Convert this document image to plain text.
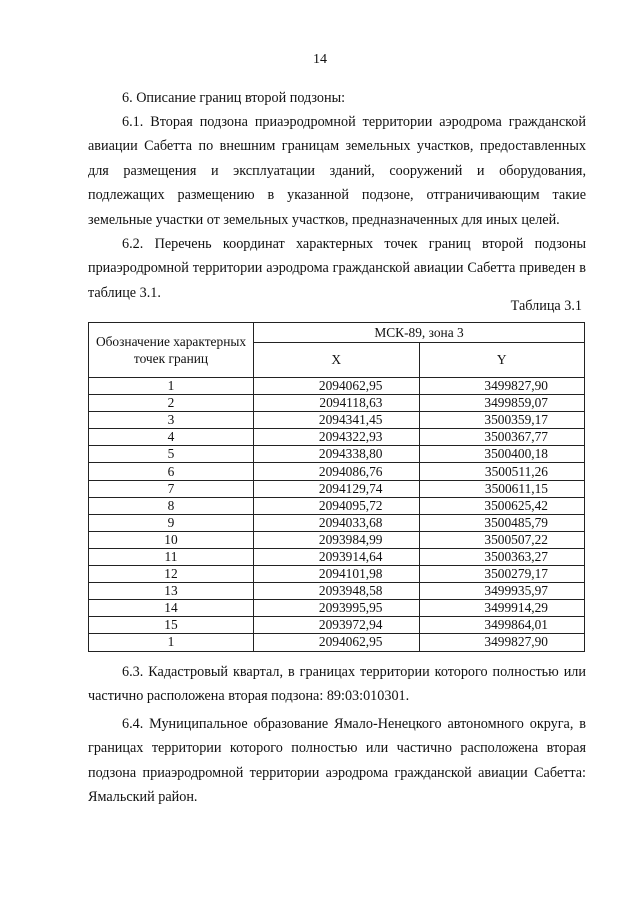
14
6. Описание границ второй подзоны:
6.1. Вторая подзона приаэродромной территории аэродрома гражданской авиации Сабетта по внешним границам земельных участков, предоставленных для размещения и эксплуатации зданий, сооружений и оборудования, подлежащих размещению в указанной подзоне, отграничивающим такие земельные участки от земельных участков, предназначенных для иных целей.
6.2. Перечень координат характерных точек границ второй подзоны приаэродромной территории аэродрома гражданской авиации Сабетта приведен в таблице 3.1.
Таблица 3.1
Обозначение характерных точек границ	МСК-89, зона 3	
	X	Y
1	2094062,95	3499827,90
2	2094118,63	3499859,07
3	2094341,45	3500359,17
4	2094322,93	3500367,77
5	2094338,80	3500400,18
6	2094086,76	3500511,26
7	2094129,74	3500611,15
8	2094095,72	3500625,42
9	2094033,68	3500485,79
10	2093984,99	3500507,22
11	2093914,64	3500363,27
12	2094101,98	3500279,17
13	2093948,58	3499935,97
14	2093995,95	3499914,29
15	2093972,94	3499864,01
1	2094062,95	3499827,90
6.3. Кадастровый квартал, в границах территории которого полностью или частично расположена вторая подзона: 89:03:010301.
6.4. Муниципальное образование Ямало-Ненецкого автономного округа, в границах территории которого полностью или частично расположена вторая подзона приаэродромной территории аэродрома гражданской авиации Сабетта: Ямальский район.
